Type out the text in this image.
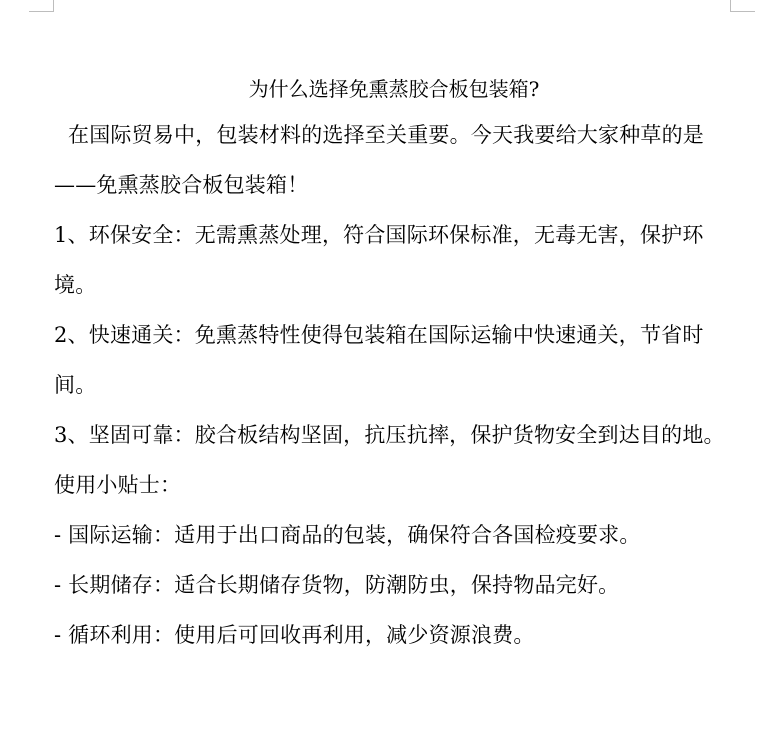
为什么选择免熏蒸胶合板包装箱?

在国际贸易中，包装材料的选择至关重要。今天我要给大家种草的是——免熏蒸胶合板包装箱！

1、环保安全：无需熏蒸处理，符合国际环保标准，无毒无害，保护环境。

2、快速通关：免熏蒸特性使得包装箱在国际运输中快速通关，节省时间。

3、坚固可靠：胶合板结构坚固，抗压抗摔，保护货物安全到达目的地。

使用小贴士：

- 国际运输：适用于出口商品的包装，确保符合各国检疫要求。

- 长期储存：适合长期储存货物，防潮防虫，保持物品完好。

- 循环利用：使用后可回收再利用，减少资源浪费。
